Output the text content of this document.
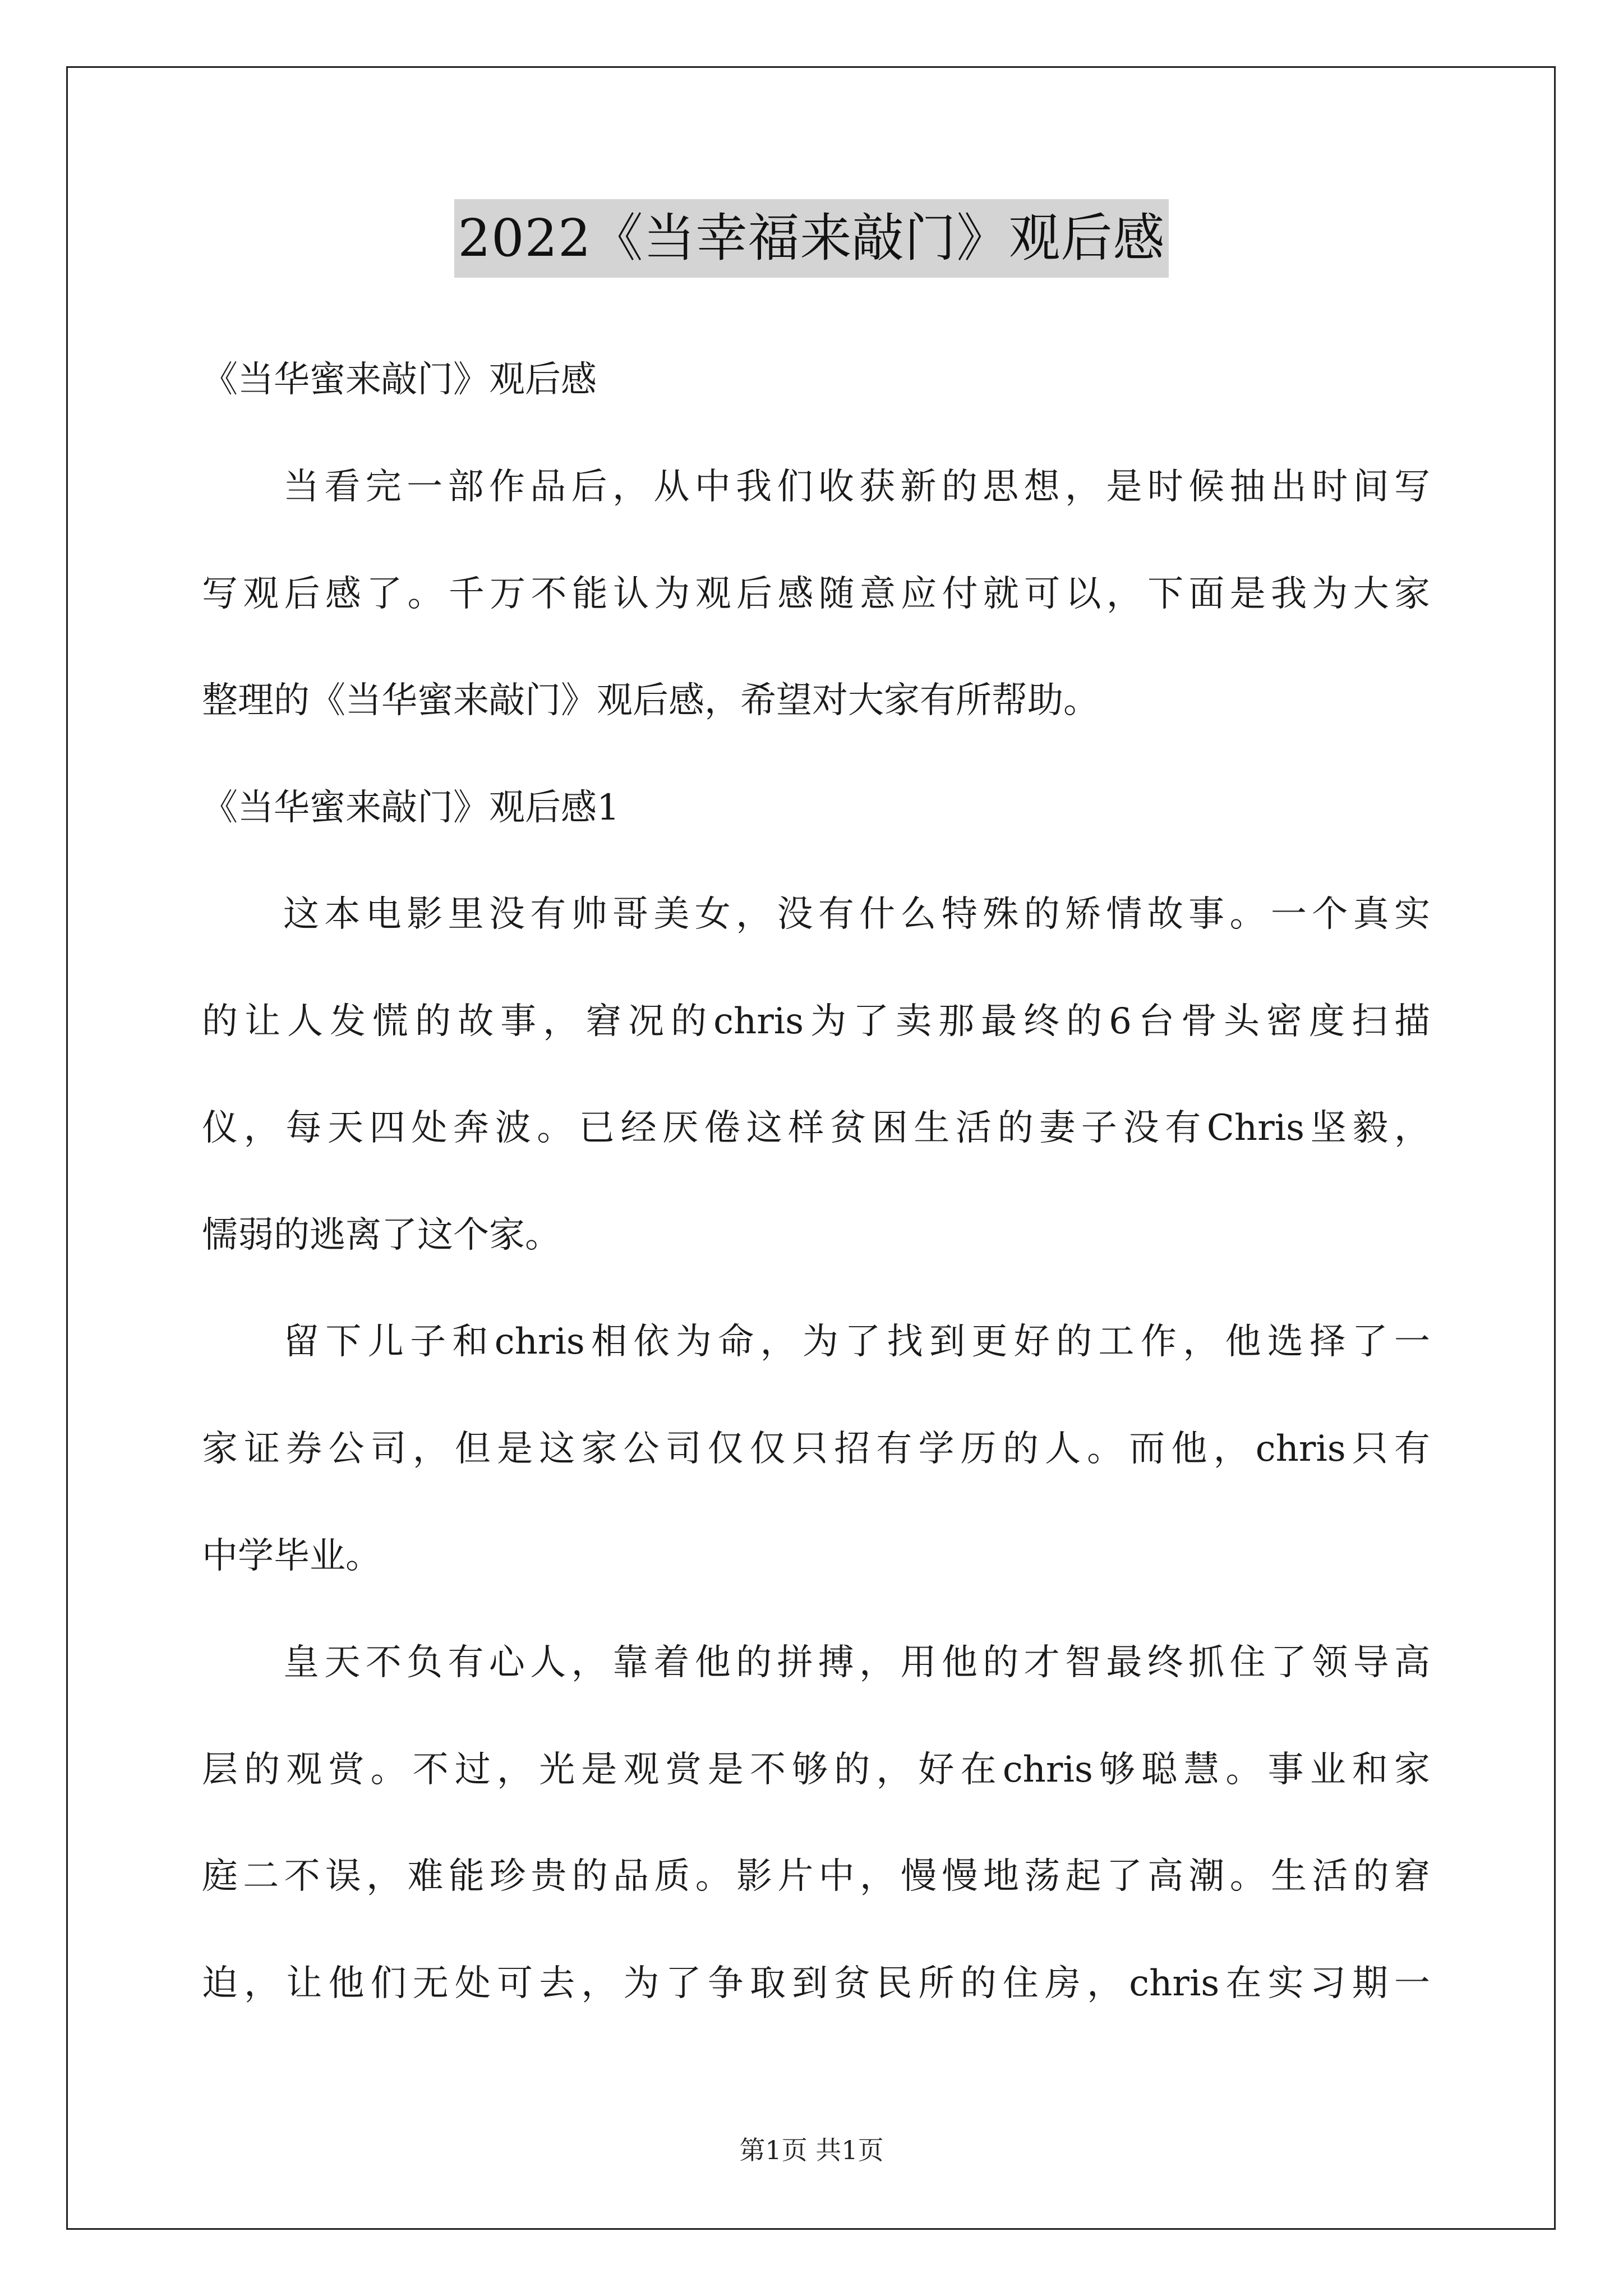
2022《当幸福来敲门》观后感
《当华蜜来敲门》观后感
当看完一部作品后，从中我们收获新的思想，是时候抽出时间写
写观后感了。千万不能认为观后感随意应付就可以，下面是我为大家
整理的《当华蜜来敲门》观后感，希望对大家有所帮助。
《当华蜜来敲门》观后感1
这本电影里没有帅哥美女，没有什么特殊的矫情故事。一个真实
的让人发慌的故事，窘况的chris为了卖那最终的6台骨头密度扫描
仪，每天四处奔波。已经厌倦这样贫困生活的妻子没有Chris坚毅，
懦弱的逃离了这个家。
留下儿子和chris相依为命，为了找到更好的工作，他选择了一
家证券公司，但是这家公司仅仅只招有学历的人。而他，chris只有
中学毕业。
皇天不负有心人，靠着他的拼搏，用他的才智最终抓住了领导高
层的观赏。不过，光是观赏是不够的，好在chris够聪慧。事业和家
庭二不误，难能珍贵的品质。影片中，慢慢地荡起了高潮。生活的窘
迫，让他们无处可去，为了争取到贫民所的住房，chris在实习期一
第1页 共1页
